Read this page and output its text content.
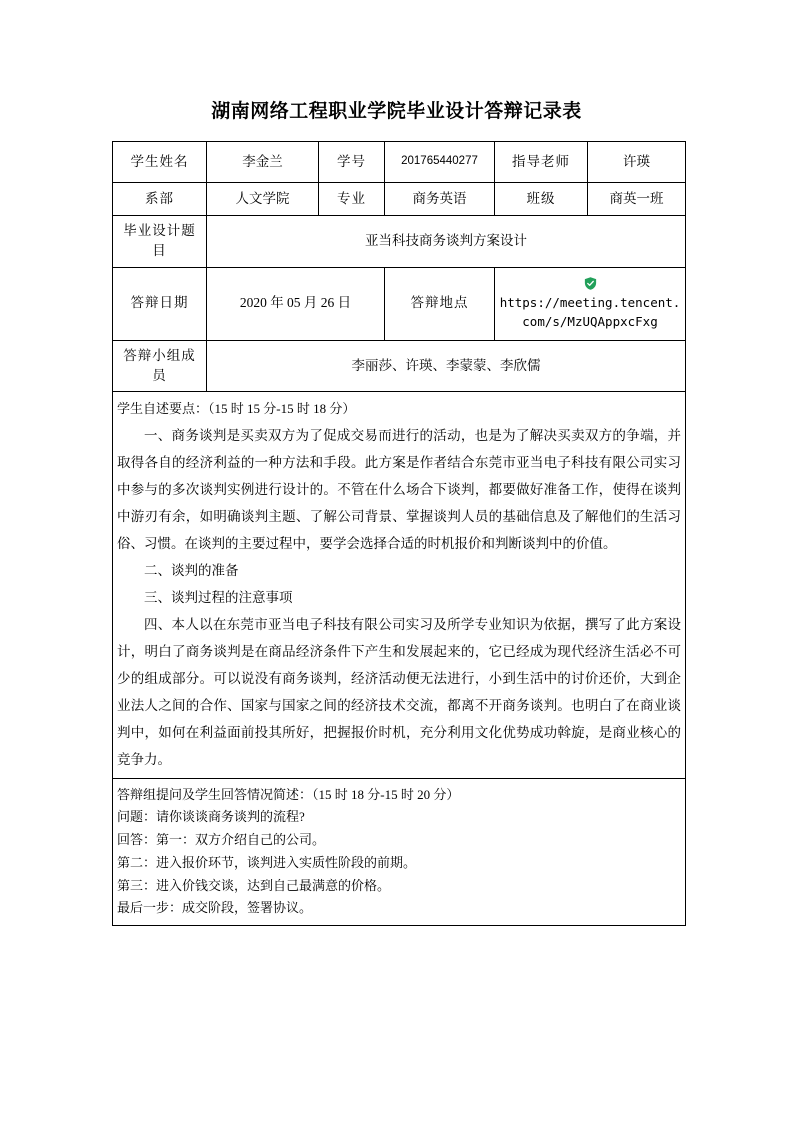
湖南网络工程职业学院毕业设计答辩记录表
学生姓名	李金兰	学号	201765440277	指导老师	许瑛
系部	人文学院	专业	商务英语	班级	商英一班
毕业设计题目	亚当科技商务谈判方案设计				
答辩日期	2020 年 05 月 26 日		答辩地点	https://meeting.tencent.com/s/MzUQAppxcFxg	
答辩小组成员	李丽莎、许瑛、李蒙蒙、李欣儒				

学生自述要点：（15 时 15 分-15 时 18 分）

一、商务谈判是买卖双方为了促成交易而进行的活动，也是为了解决买卖双方的争端，并取得各自的经济利益的一种方法和手段。此方案是作者结合东莞市亚当电子科技有限公司实习中参与的多次谈判实例进行设计的。不管在什么场合下谈判，都要做好准备工作，使得在谈判中游刃有余，如明确谈判主题、了解公司背景、掌握谈判人员的基础信息及了解他们的生活习俗、习惯。在谈判的主要过程中，要学会选择合适的时机报价和判断谈判中的价值。

二、谈判的准备

三、谈判过程的注意事项

四、本人以在东莞市亚当电子科技有限公司实习及所学专业知识为依据，撰写了此方案设计，明白了商务谈判是在商品经济条件下产生和发展起来的，它已经成为现代经济生活必不可少的组成部分。可以说没有商务谈判，经济活动便无法进行，小到生活中的讨价还价，大到企业法人之间的合作、国家与国家之间的经济技术交流，都离不开商务谈判。也明白了在商业谈判中，如何在利益面前投其所好，把握报价时机，充分利用文化优势成功斡旋，是商业核心的竞争力。					

答辩组提问及学生回答情况简述：（15 时 18 分-15 时 20 分）
问题：请你谈谈商务谈判的流程?
回答：第一：双方介绍自己的公司。
第二：进入报价环节，谈判进入实质性阶段的前期。
第三：进入价钱交谈，达到自己最满意的价格。
最后一步：成交阶段，签署协议。
